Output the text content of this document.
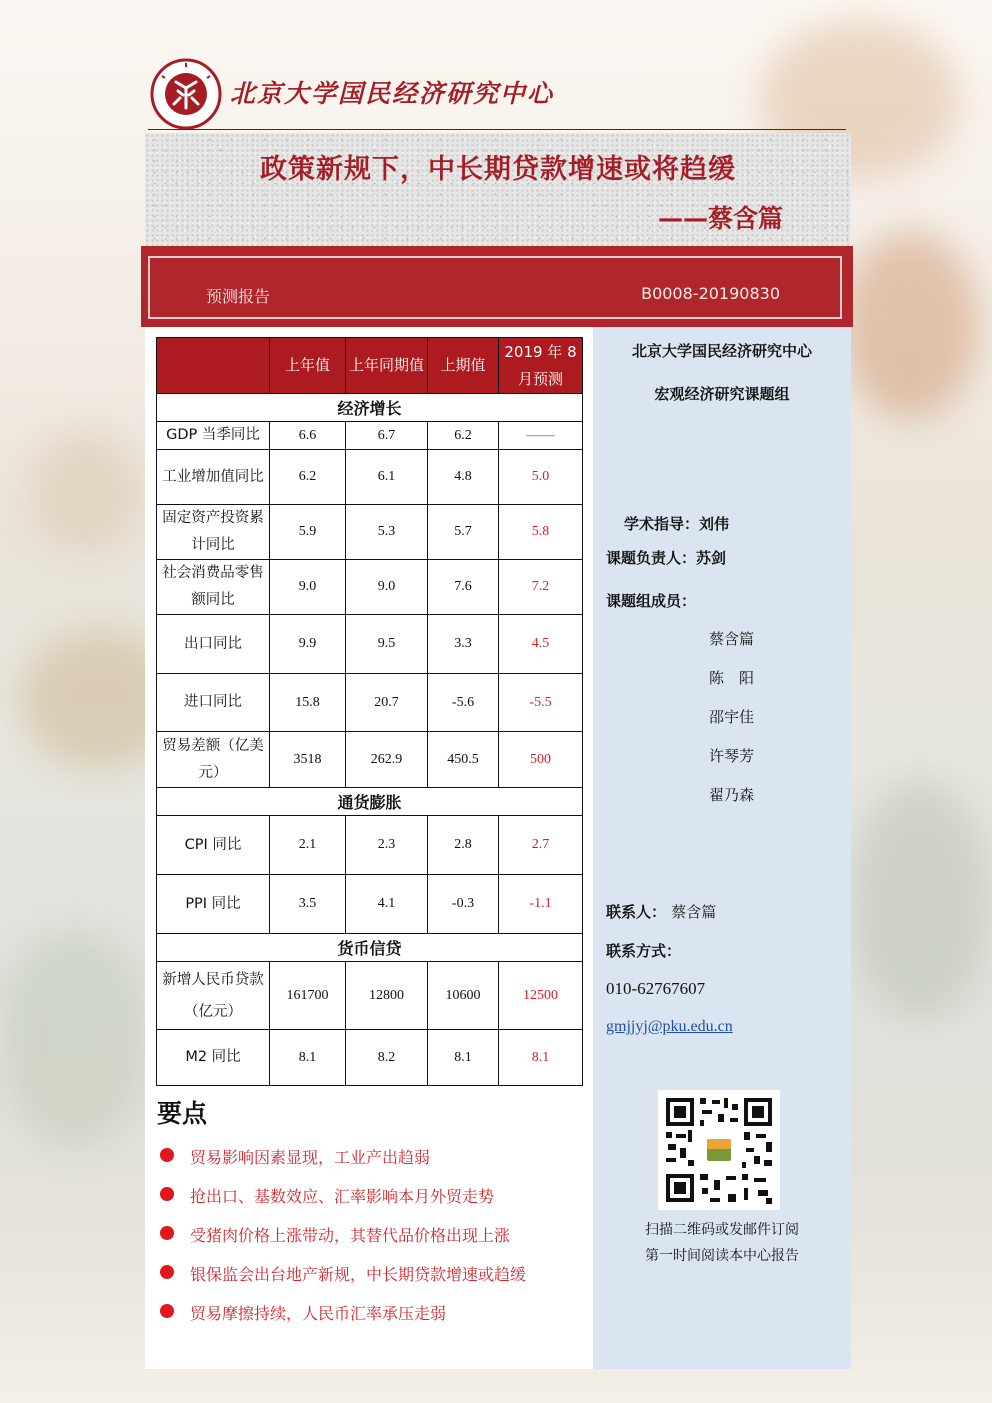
北京大学国民经济研究中心
政策新规下，中长期贷款增速或将趋缓
——蔡含篇
预测报告	B0008-20190830
	上年值	上年同期值	上期值	2019 年 8 月预测
经济增长				
GDP 当季同比	6.6	6.7	6.2	——
工业增加值同比	6.2	6.1	4.8	5.0
固定资产投资累计同比	5.9	5.3	5.7	5.8
社会消费品零售额同比	9.0	9.0	7.6	7.2
出口同比	9.9	9.5	3.3	4.5
进口同比	15.8	20.7	-5.6	-5.5
贸易差额（亿美元）	3518	262.9	450.5	500
通货膨胀				
CPI 同比	2.1	2.3	2.8	2.7
PPI 同比	3.5	4.1	-0.3	-1.1
货币信贷				
新增人民币贷款（亿元）	161700	12800	10600	12500
M2 同比	8.1	8.2	8.1	8.1
要点
贸易影响因素显现，工业产出趋弱
抢出口、基数效应、汇率影响本月外贸走势
受猪肉价格上涨带动，其替代品价格出现上涨
银保监会出台地产新规，中长期贷款增速或趋缓
贸易摩擦持续，人民币汇率承压走弱
北京大学国民经济研究中心
宏观经济研究课题组
学术指导：刘伟
课题负责人：苏剑
课题组成员：
蔡含篇
陈　阳
邵宇佳
许琴芳
翟乃森
联系人： 蔡含篇
联系方式：
010-62767607
gmjjyj@pku.edu.cn
扫描二维码或发邮件订阅
第一时间阅读本中心报告
